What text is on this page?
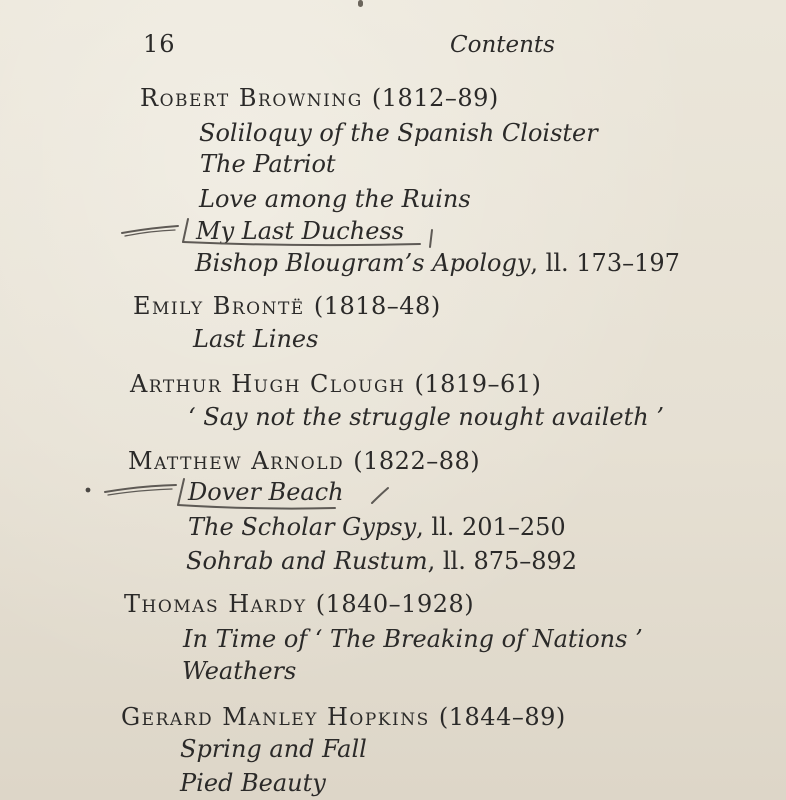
16	Contents
Robert Browning (1812–89)
Soliloquy of the Spanish Cloister
The Patriot
Love among the Ruins
My Last Duchess
Bishop Blougram’s Apology, ll. 173–197
Emily Brontë (1818–48)
Last Lines
Arthur Hugh Clough (1819–61)
‘ Say not the struggle nought availeth ’
Matthew Arnold (1822–88)
Dover Beach
The Scholar Gypsy, ll. 201–250
Sohrab and Rustum, ll. 875–892
Thomas Hardy (1840–1928)
In Time of ‘ The Breaking of Nations ’
Weathers
Gerard Manley Hopkins (1844–89)
Spring and Fall
Pied Beauty
